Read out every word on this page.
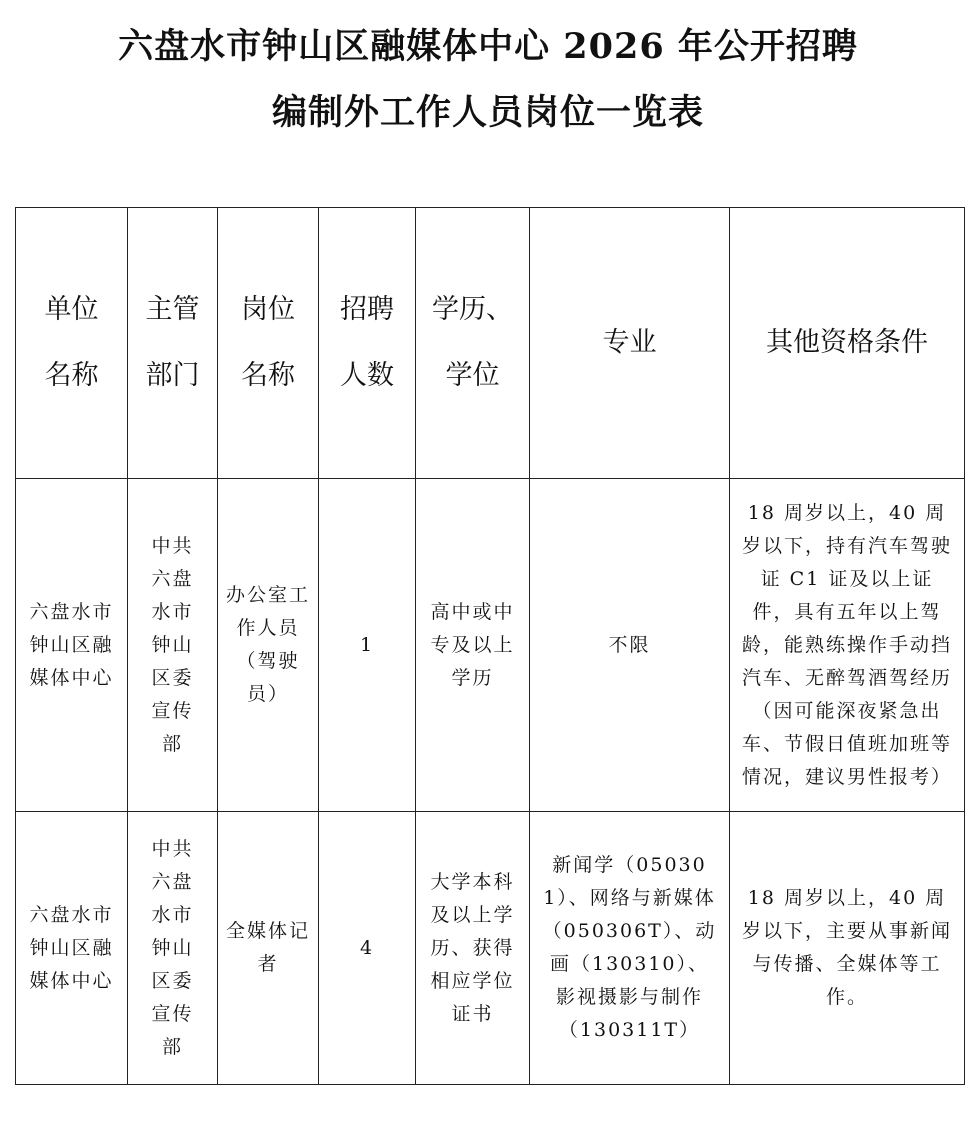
六盘水市钟山区融媒体中心 2026 年公开招聘
编制外工作人员岗位一览表
单位名称	主管部门	岗位名称	招聘人数	学历、学位	专业	其他资格条件
六盘水市钟山区融媒体中心	中共六盘水市钟山区委宣传部	办公室工作人员（驾驶员）	1	高中或中专及以上学历	不限	18 周岁以上，40 周岁以下，持有汽车驾驶证 C1 证及以上证件，具有五年以上驾龄，能熟练操作手动挡汽车、无醉驾酒驾经历（因可能深夜紧急出车、节假日值班加班等情况，建议男性报考）
六盘水市钟山区融媒体中心	中共六盘水市钟山区委宣传部	全媒体记者	4	大学本科及以上学历、获得相应学位证书	新闻学（050301）、网络与新媒体（050306T）、动画（130310）、影视摄影与制作（130311T）	18 周岁以上，40 周岁以下，主要从事新闻与传播、全媒体等工作。
